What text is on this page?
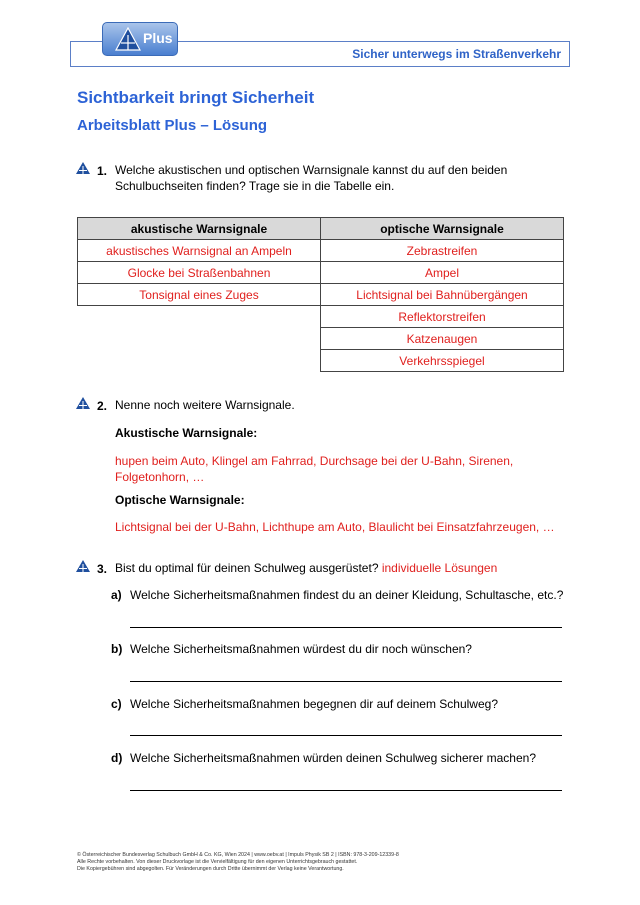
Sicher unterwegs im Straßenverkehr
Plus
Sichtbarkeit bringt Sicherheit
Arbeitsblatt Plus – Lösung
1. Welche akustischen und optischen Warnsignale kannst du auf den beiden
Schulbuchseiten finden? Trage sie in die Tabelle ein.
akustische Warnsignale	optische Warnsignale
akustisches Warnsignal an Ampeln	Zebrastreifen
Glocke bei Straßenbahnen	Ampel
Tonsignal eines Zuges	Lichtsignal bei Bahnübergängen
	Reflektorstreifen
	Katzenaugen
	Verkehrsspiegel
2. Nenne noch weitere Warnsignale.
Akustische Warnsignale:
hupen beim Auto, Klingel am Fahrrad, Durchsage bei der U-Bahn, Sirenen,
Folgetonhorn, …
Optische Warnsignale:
Lichtsignal bei der U-Bahn, Lichthupe am Auto, Blaulicht bei Einsatzfahrzeugen, …
3. Bist du optimal für deinen Schulweg ausgerüstet? individuelle Lösungen
a) Welche Sicherheitsmaßnahmen findest du an deiner Kleidung, Schultasche, etc.?
b) Welche Sicherheitsmaßnahmen würdest du dir noch wünschen?
c) Welche Sicherheitsmaßnahmen begegnen dir auf deinem Schulweg?
d) Welche Sicherheitsmaßnahmen würden deinen Schulweg sicherer machen?
© Österreichischer Bundesverlag Schulbuch GmbH & Co. KG, Wien 2024 | www.oebv.at | Impuls Physik SB 2 | ISBN: 978-3-209-12339-8
Alle Rechte vorbehalten. Von dieser Druckvorlage ist die Vervielfältigung für den eigenen Unterrichtsgebrauch gestattet.
Die Kopiergebühren sind abgegolten. Für Veränderungen durch Dritte übernimmt der Verlag keine Verantwortung.
